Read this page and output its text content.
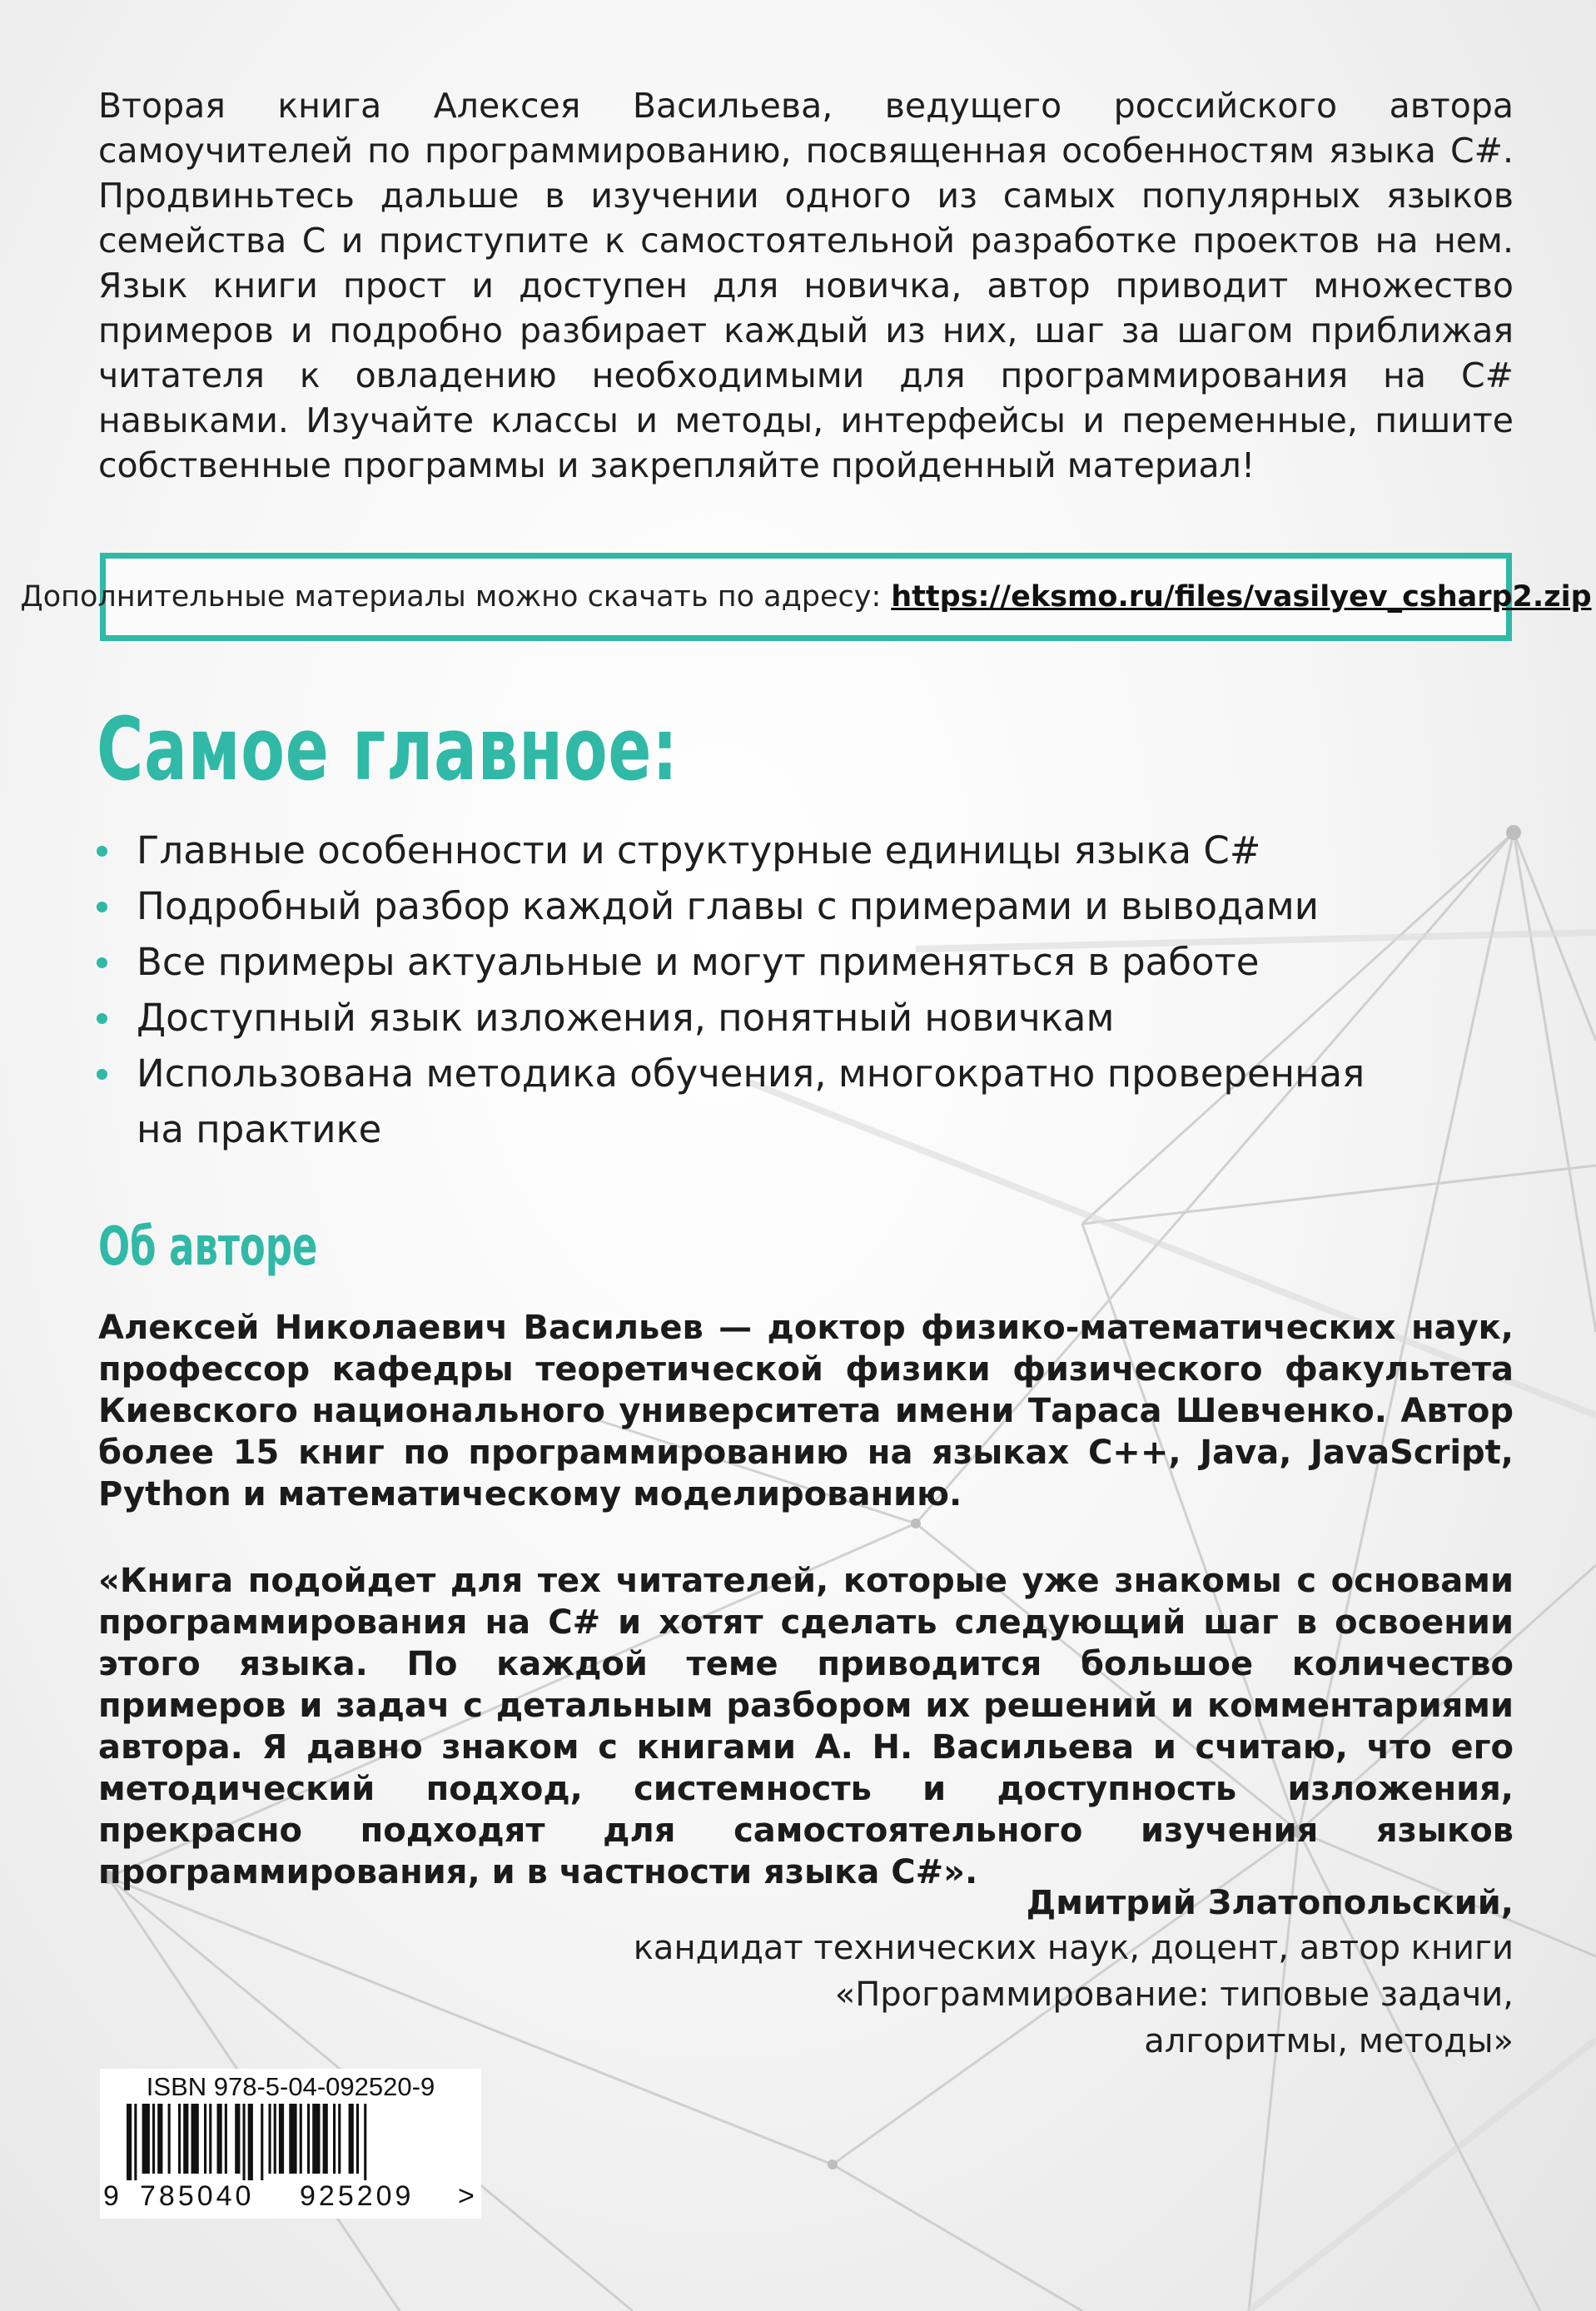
Вторая книга Алексея Васильева, ведущего российского автора самоучителей по программированию, посвященная особенностям языка C#. Продвиньтесь дальше в изучении одного из самых популярных языков семейства C и приступите к самостоятельной разработке проектов на нем. Язык книги прост и доступен для новичка, автор приводит множество примеров и подробно разбирает каждый из них, шаг за шагом приближая читателя к овладению необходимыми для программирования на C# навыками. Изучайте классы и методы, интерфейсы и переменные, пишите собственные программы и закрепляйте пройденный материал!

Дополнительные материалы можно скачать по адресу: https://eksmo.ru/files/vasilyev_csharp2.zip
Самое главное:
Главные особенности и структурные единицы языка C#
Подробный разбор каждой главы с примерами и выводами
Все примеры актуальные и могут применяться в работе
Доступный язык изложения, понятный новичкам
Использована методика обучения, многократно проверенная на практике
Об авторе

Алексей Николаевич Васильев — доктор физико-математических наук, профессор кафедры теоретической физики физического факультета Киевского национального университета имени Тараса Шевченко. Автор более 15 книг по программированию на языках C++, Java, JavaScript, Python и математическому моделированию.

«Книга подойдет для тех читателей, которые уже знакомы с основами программирования на C# и хотят сделать следующий шаг в освоении этого языка. По каждой теме приводится большое количество примеров и задач с детальным разбором их решений и комментариями автора. Я давно знаком с книгами А. Н. Васильева и считаю, что его методический подход, системность и доступность изложения, прекрасно подходят для самостоятельного изучения языков программирования, и в частности языка C#».

Дмитрий Златопольский,
кандидат технических наук, доцент, автор книги
«Программирование: типовые задачи,
алгоритмы, методы»
ISBN 978-5-04-092520-9
9 785040 925209 >
